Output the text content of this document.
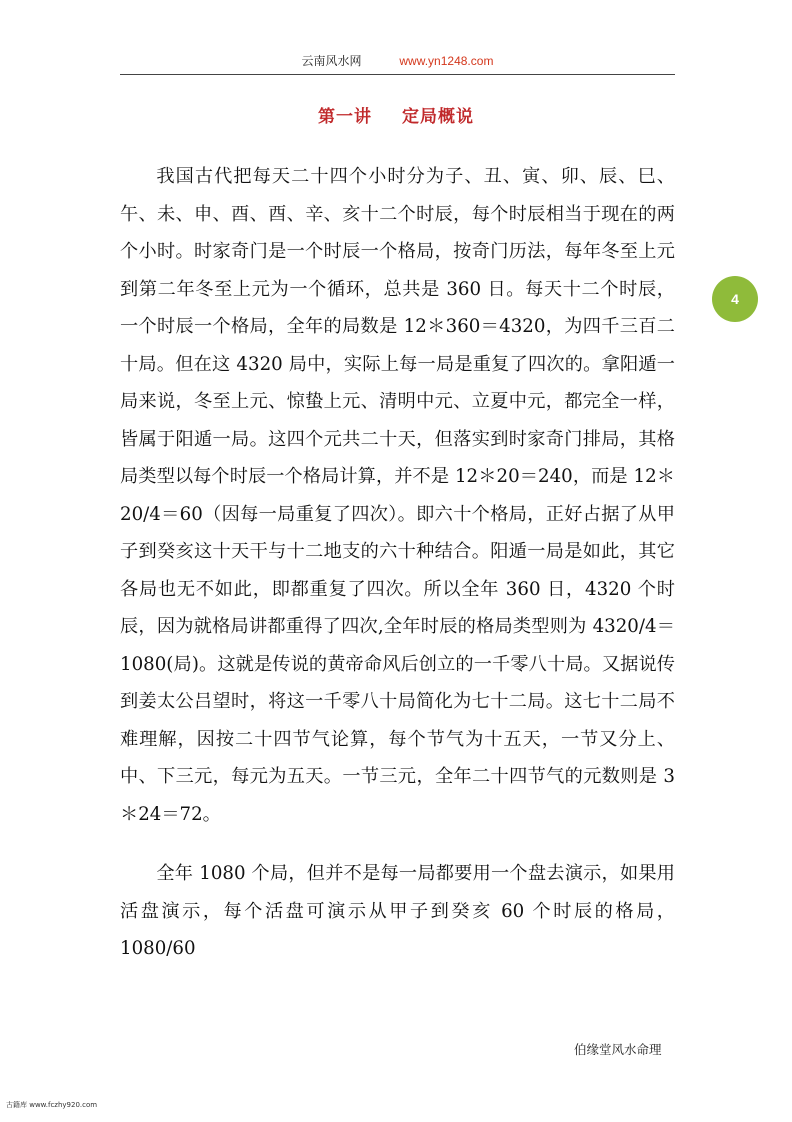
云南风水网	www.yn1248.com
第一讲 定局概说
4

我国古代把每天二十四个小时分为子、丑、寅、卯、辰、巳、午、未、申、酉、酉、辛、亥十二个时辰，每个时辰相当于现在的两个小时。时家奇门是一个时辰一个格局，按奇门历法，每年冬至上元到第二年冬至上元为一个循环，总共是 360 日。每天十二个时辰，一个时辰一个格局，全年的局数是 12＊360＝4320，为四千三百二十局。但在这 4320 局中，实际上每一局是重复了四次的。拿阳遁一局来说，冬至上元、惊蛰上元、清明中元、立夏中元，都完全一样，皆属于阳遁一局。这四个元共二十天，但落实到时家奇门排局，其格局类型以每个时辰一个格局计算，并不是 12＊20＝240，而是 12＊20/4＝60（因每一局重复了四次）。即六十个格局，正好占据了从甲子到癸亥这十天干与十二地支的六十种结合。阳遁一局是如此，其它各局也无不如此，即都重复了四次。所以全年 360 日，4320 个时辰，因为就格局讲都重得了四次,全年时辰的格局类型则为 4320/4＝1080(局)。这就是传说的黄帝命风后创立的一千零八十局。又据说传到姜太公吕望时，将这一千零八十局简化为七十二局。这七十二局不难理解，因按二十四节气论算，每个节气为十五天，一节又分上、中、下三元，每元为五天。一节三元，全年二十四节气的元数则是 3＊24＝72。

全年 1080 个局，但并不是每一局都要用一个盘去演示，如果用活盘演示，每个活盘可演示从甲子到癸亥 60 个时辰的格局，1080/60

伯缘堂风水命理
古籍库 www.fczhy920.com
